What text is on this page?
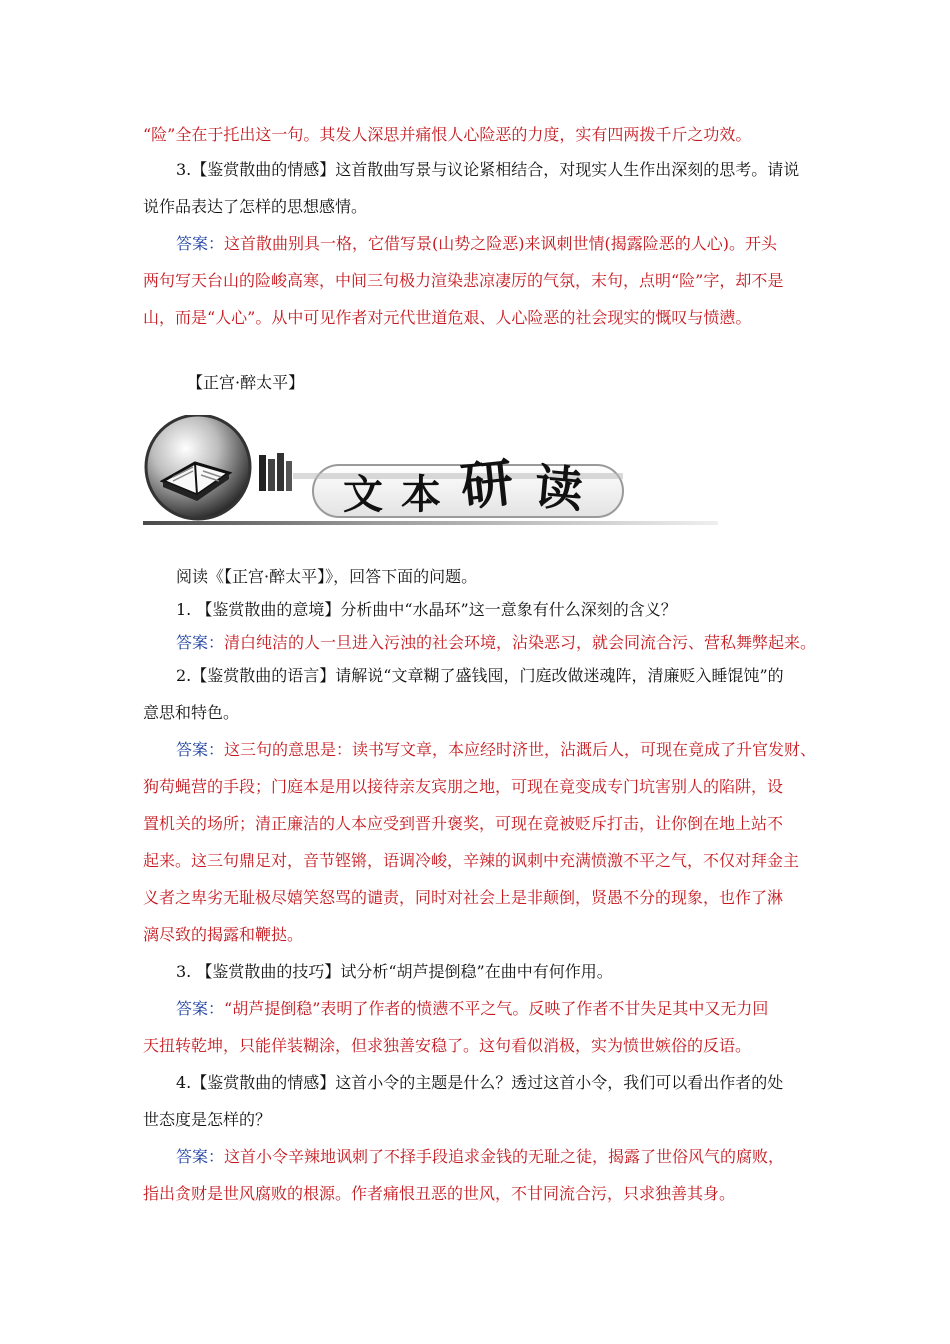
“险”全在于托出这一句。其发人深思并痛恨人心险恶的力度，实有四两拨千斤之功效。
3.【鉴赏散曲的情感】这首散曲写景与议论紧相结合，对现实人生作出深刻的思考。请说
说作品表达了怎样的思想感情。
答案：这首散曲别具一格，它借写景(山势之险恶)来讽刺世情(揭露险恶的人心)。开头
两句写天台山的险峻高寒，中间三句极力渲染悲凉凄厉的气氛，末句，点明“险”字，却不是
山，而是“人心”。从中可见作者对元代世道危艰、人心险恶的社会现实的慨叹与愤懑。
【正宫·醉太平】
文 本 研 读
阅读《【正宫·醉太平】》，回答下面的问题。
1. 【鉴赏散曲的意境】分析曲中“水晶环”这一意象有什么深刻的含义？
答案：清白纯洁的人一旦进入污浊的社会环境，沾染恶习，就会同流合污、营私舞弊起来。
2.【鉴赏散曲的语言】请解说“文章糊了盛钱囤，门庭改做迷魂阵，清廉贬入睡馄饨”的
意思和特色。
答案：这三句的意思是：读书写文章，本应经时济世，沾溉后人，可现在竟成了升官发财、
狗苟蝇营的手段；门庭本是用以接待亲友宾朋之地，可现在竟变成专门坑害别人的陷阱，设
置机关的场所；清正廉洁的人本应受到晋升褒奖，可现在竟被贬斥打击，让你倒在地上站不
起来。这三句鼎足对，音节铿锵，语调冷峻，辛辣的讽刺中充满愤激不平之气，不仅对拜金主
义者之卑劣无耻极尽嬉笑怒骂的谴责，同时对社会上是非颠倒，贤愚不分的现象，也作了淋
漓尽致的揭露和鞭挞。
3. 【鉴赏散曲的技巧】试分析“胡芦提倒稳”在曲中有何作用。
答案：“胡芦提倒稳”表明了作者的愤懑不平之气。反映了作者不甘失足其中又无力回
天扭转乾坤，只能佯装糊涂，但求独善安稳了。这句看似消极，实为愤世嫉俗的反语。
4.【鉴赏散曲的情感】这首小令的主题是什么？透过这首小令，我们可以看出作者的处
世态度是怎样的？
答案：这首小令辛辣地讽刺了不择手段追求金钱的无耻之徒，揭露了世俗风气的腐败，
指出贪财是世风腐败的根源。作者痛恨丑恶的世风，不甘同流合污，只求独善其身。
